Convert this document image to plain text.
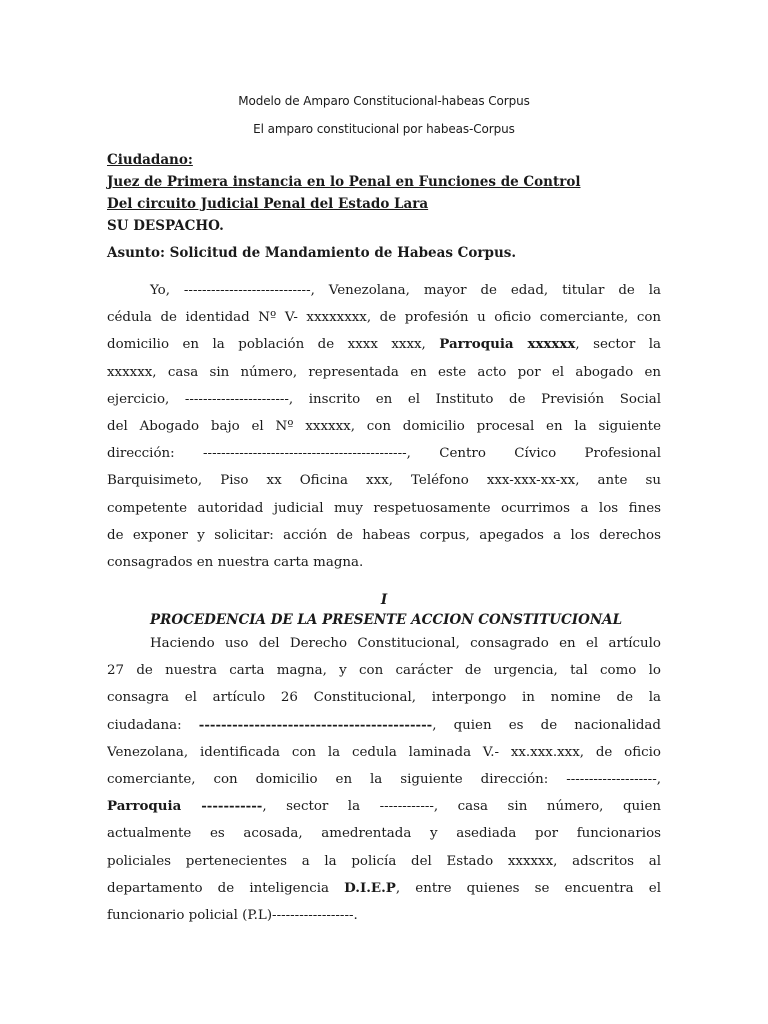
Modelo de Amparo Constitucional-habeas Corpus
El amparo constitucional por habeas-Corpus
Ciudadano:
Juez de Primera instancia en lo Penal en Funciones de Control
Del circuito Judicial Penal del Estado Lara
SU DESPACHO.
Asunto: Solicitud de Mandamiento de Habeas Corpus.
Yo, ----------------------------, Venezolana, mayor de edad, titular de la
cédula de identidad Nº V- xxxxxxxx, de profesión u oficio comerciante, con
domicilio en la población de xxxx xxxx, Parroquia xxxxxx, sector la
xxxxxx, casa sin número, representada en este acto por el abogado en
ejercicio, -----------------------, inscrito en el Instituto de Previsión Social
del Abogado bajo el Nº xxxxxx, con domicilio procesal en la siguiente
dirección: ---------------------------------------------, Centro Cívico Profesional
Barquisimeto, Piso xx Oficina xxx, Teléfono xxx-xxx-xx-xx, ante su
competente autoridad judicial muy respetuosamente ocurrimos a los fines
de exponer y solicitar: acción de habeas corpus, apegados a los derechos
consagrados en nuestra carta magna.
I
PROCEDENCIA DE LA PRESENTE ACCION CONSTITUCIONAL
Haciendo uso del Derecho Constitucional, consagrado en el artículo
27 de nuestra carta magna, y con carácter de urgencia, tal como lo
consagra el artículo 26 Constitucional, interpongo in nomine de la
ciudadana: ------------------------------------------, quien es de nacionalidad
Venezolana, identificada con la cedula laminada V.- xx.xxx.xxx, de oficio
comerciante, con domicilio en la siguiente dirección: --------------------,
Parroquia -----------, sector la ------------, casa sin número, quien
actualmente es acosada, amedrentada y asediada por funcionarios
policiales pertenecientes a la policía del Estado xxxxxx, adscritos al
departamento de inteligencia D.I.E.P, entre quienes se encuentra el
funcionario policial (P.L)------------------.
